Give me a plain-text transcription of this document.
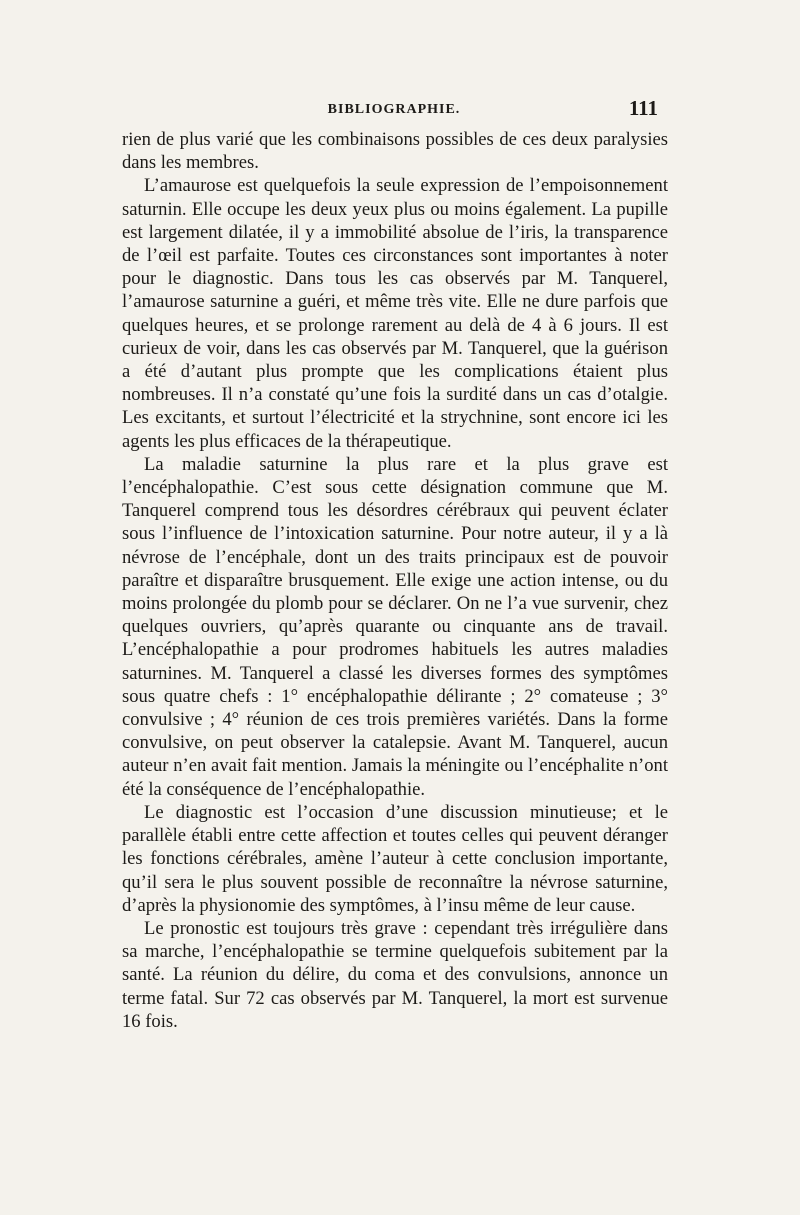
BIBLIOGRAPHIE.	111

rien de plus varié que les combinaisons possibles de ces deux paralysies dans les membres.

L’amaurose est quelquefois la seule expression de l’empoisonnement saturnin. Elle occupe les deux yeux plus ou moins également. La pupille est largement dilatée, il y a immobilité absolue de l’iris, la transparence de l’œil est parfaite. Toutes ces circonstances sont importantes à noter pour le diagnostic. Dans tous les cas observés par M. Tanquerel, l’amaurose saturnine a guéri, et même très vite. Elle ne dure parfois que quelques heures, et se prolonge rarement au delà de 4 à 6 jours. Il est curieux de voir, dans les cas observés par M. Tanquerel, que la guérison a été d’autant plus prompte que les complications étaient plus nombreuses. Il n’a constaté qu’une fois la surdité dans un cas d’otalgie. Les excitants, et surtout l’électricité et la strychnine, sont encore ici les agents les plus efficaces de la thérapeutique.

La maladie saturnine la plus rare et la plus grave est l’encéphalopathie. C’est sous cette désignation commune que M. Tanquerel comprend tous les désordres cérébraux qui peuvent éclater sous l’influence de l’intoxication saturnine. Pour notre auteur, il y a là névrose de l’encéphale, dont un des traits principaux est de pouvoir paraître et disparaître brusquement. Elle exige une action intense, ou du moins prolongée du plomb pour se déclarer. On ne l’a vue survenir, chez quelques ouvriers, qu’après quarante ou cinquante ans de travail. L’encéphalopathie a pour prodromes habituels les autres maladies saturnines. M. Tanquerel a classé les diverses formes des symptômes sous quatre chefs : 1° encéphalopathie délirante ; 2° comateuse ; 3° convulsive ; 4° réunion de ces trois premières variétés. Dans la forme convulsive, on peut observer la catalepsie. Avant M. Tanquerel, aucun auteur n’en avait fait mention. Jamais la méningite ou l’encéphalite n’ont été la conséquence de l’encéphalopathie.

Le diagnostic est l’occasion d’une discussion minutieuse; et le parallèle établi entre cette affection et toutes celles qui peuvent déranger les fonctions cérébrales, amène l’auteur à cette conclusion importante, qu’il sera le plus souvent possible de reconnaître la névrose saturnine, d’après la physionomie des symptômes, à l’insu même de leur cause.

Le pronostic est toujours très grave : cependant très irrégulière dans sa marche, l’encéphalopathie se termine quelquefois subitement par la santé. La réunion du délire, du coma et des convulsions, annonce un terme fatal. Sur 72 cas observés par M. Tanquerel, la mort est survenue 16 fois.
